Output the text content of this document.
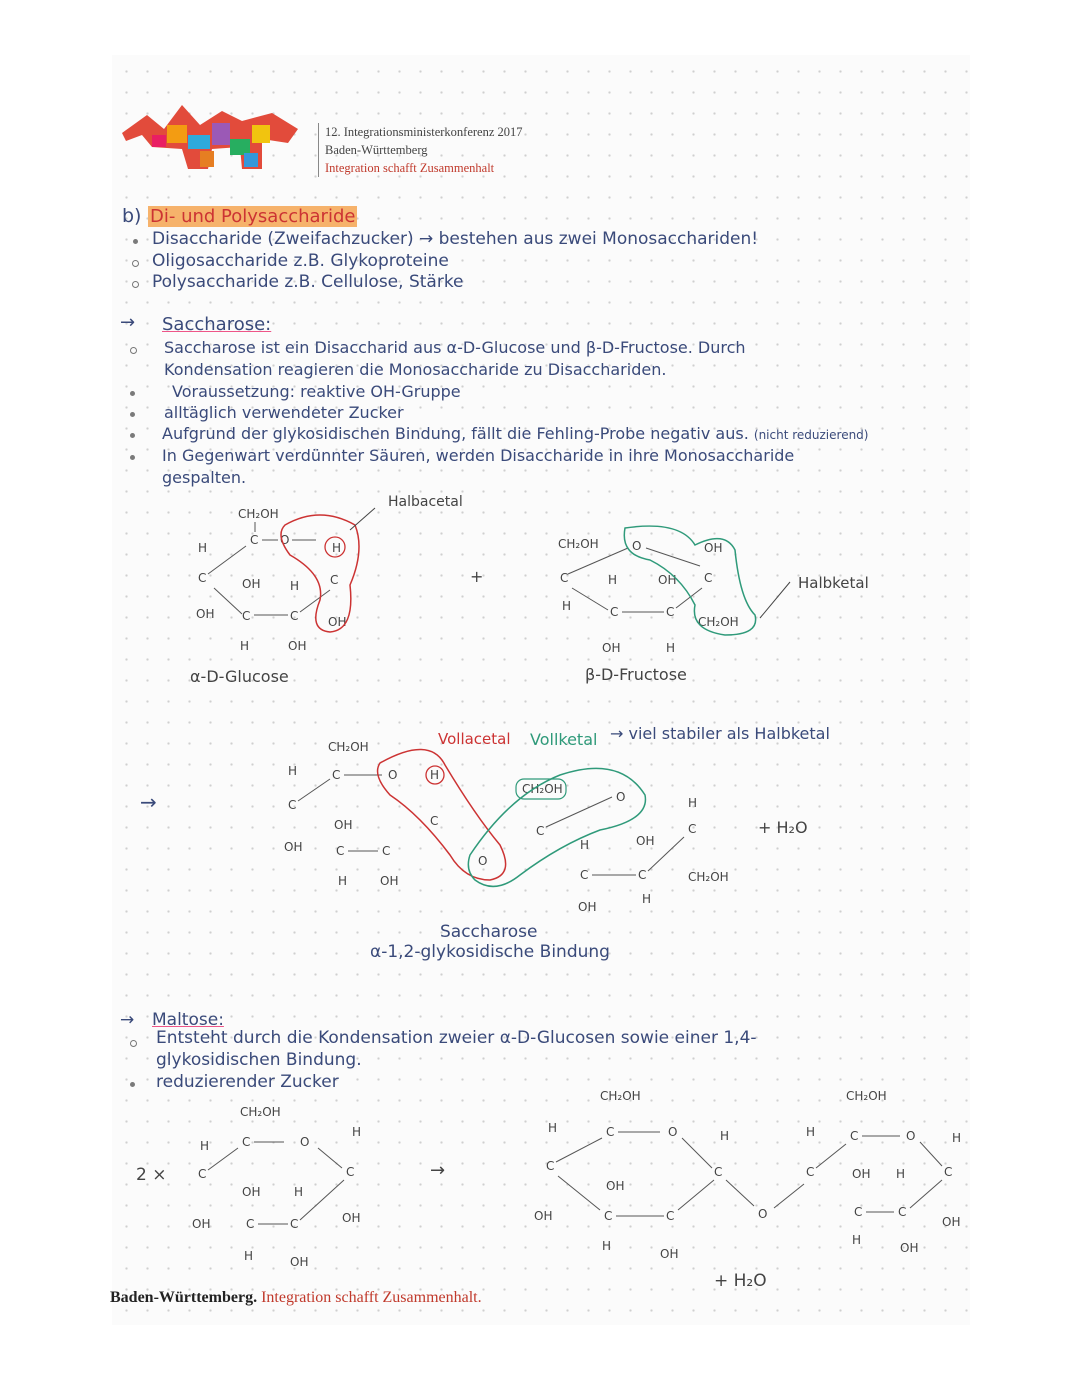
12. Integrationsministerkonferenz 2017
Baden-Württemberg
Integration schafft Zusammenhalt
b) Di- und Polysaccharide
Disaccharide (Zweifachzucker) → bestehen aus zwei Monosacchariden!
Oligosaccharide z.B. Glykoproteine
Polysaccharide z.B. Cellulose, Stärke
→ Saccharose:
Saccharose ist ein Disaccharid aus α-D-Glucose und β-D-Fructose. Durch
Kondensation reagieren die Monosaccharide zu Disacchariden.
Voraussetzung: reaktive OH-Gruppe
alltäglich verwendeter Zucker
Aufgrund der glykosidischen Bindung, fällt die Fehling-Probe negativ aus. (nicht reduzierend)
In Gegenwart verdünnter Säuren, werden Disaccharide in ihre Monosaccharide
gespalten.
CH₂OH
C O
H
C
OH
OH
C	C
H
OH
H
C
H
OH
Halbacetal
α-D-Glucose
+
CH₂OH
C
H
O	OH
C
H	OH
C	C
OH	H
CH₂OH
Halbketal
β-D-Fructose
→
Vollacetal Vollketal → viel stabiler als Halbketal
CH₂OH
C	O
H
C
OH
OH
C	C
OH
H
C
H
O
CH₂OH
C
O
H	OH
C	C
OH
H
H
C
CH₂OH
+ H₂O
Saccharose
α-1,2-glykosidische Bindung
→ Maltose:
Entsteht durch die Kondensation zweier α-D-Glucosen sowie einer 1,4-
glykosidischen Bindung.
reduzierender Zucker
2 ×
CH₂OH
C	O
H
C
OH
H
C
OH
OH
C	C
H
H	OH
→
CH₂OH
C	O
H
C
OH
OH
C	C
H
OH
H
C
O
CH₂OH
C	O
H
C	OH H
C	C
H
OH
H
C
OH
+ H₂O
Baden-Württemberg. Integration schafft Zusammenhalt.
